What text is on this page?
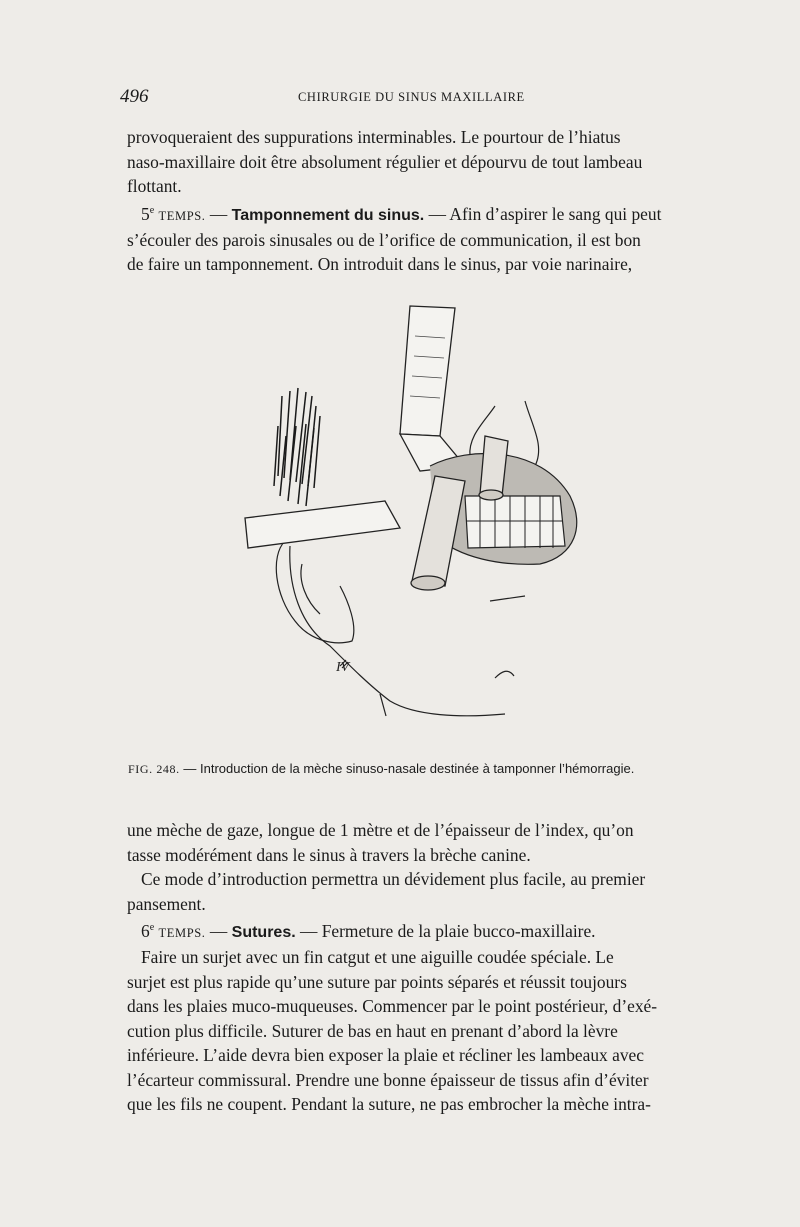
496	CHIRURGIE DU SINUS MAXILLAIRE

provoqueraient des suppurations interminables. Le pourtour de l’hiatus
naso-maxillaire doit être absolument régulier et dépourvu de tout lambeau
flottant.

5e TEMPS. — Tamponnement du sinus. — Afin d’aspirer le sang qui peut
s’écouler des parois sinusales ou de l’orifice de communication, il est bon
de faire un tamponnement. On introduit dans le sinus, par voie narinaire,

IV
FIG. 248. — Introduction de la mèche sinuso-nasale destinée à tamponner l’hémorragie.

une mèche de gaze, longue de 1 mètre et de l’épaisseur de l’index, qu’on
tasse modérément dans le sinus à travers la brèche canine.

Ce mode d’introduction permettra un dévidement plus facile, au premier
pansement.

6e TEMPS. — Sutures. — Fermeture de la plaie bucco-maxillaire.

Faire un surjet avec un fin catgut et une aiguille coudée spéciale. Le
surjet est plus rapide qu’une suture par points séparés et réussit toujours
dans les plaies muco-muqueuses. Commencer par le point postérieur, d’exé-
cution plus difficile. Suturer de bas en haut en prenant d’abord la lèvre
inférieure. L’aide devra bien exposer la plaie et récliner les lambeaux avec
l’écarteur commissural. Prendre une bonne épaisseur de tissus afin d’éviter
que les fils ne coupent. Pendant la suture, ne pas embrocher la mèche intra-
